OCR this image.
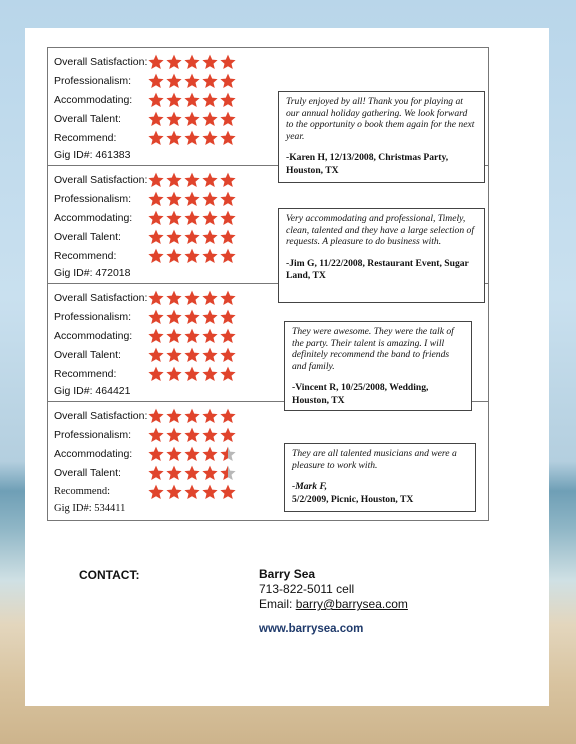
Overall Satisfaction:
Professionalism:
Accommodating:
Overall Talent:
Recommend:
Gig ID#: 461383
Truly enjoyed by all! Thank you for playing at our annual holiday gathering. We look forward to the opportunity o book them again for the next year.
-Karen H, 12/13/2008, Christmas Party, Houston, TX
Overall Satisfaction:
Professionalism:
Accommodating:
Overall Talent:
Recommend:
Gig ID#: 472018
Very accommodating and professional, Timely, clean, talented and they have a large selection of requests. A pleasure to do business with.
-Jim G, 11/22/2008, Restaurant Event, Sugar Land, TX
Overall Satisfaction:
Professionalism:
Accommodating:
Overall Talent:
Recommend:
Gig ID#: 464421
They were awesome. They were the talk of the party. Their talent is amazing. I will definitely recommend the band to friends and family.
-Vincent R, 10/25/2008, Wedding, Houston, TX
Overall Satisfaction:
Professionalism:
Accommodating:
Overall Talent:
Recommend:
Gig ID#: 534411
They are all talented musicians and were a pleasure to work with.
-Mark F,
5/2/2009, Picnic, Houston, TX
CONTACT:	Barry Sea
713-822-5011 cell
Email: barry@barrysea.com
www.barrysea.com
